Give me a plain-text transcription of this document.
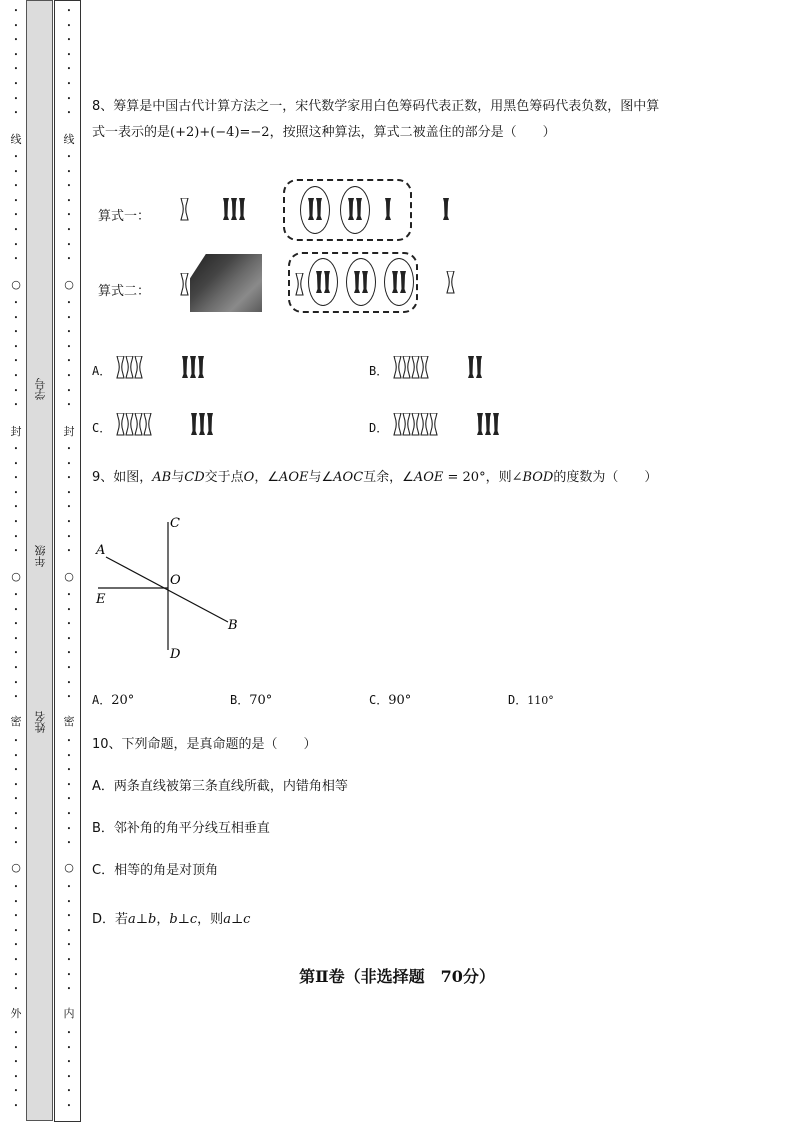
•
•
•
•
•
•
•
•
•
•
•
•
•
•
•
•
•
•
•
•
•
•
•
•
•
•
•
•
•
•
•
•
•
•
•
•
•
•
•
•
•
•
•
•
•
•
•
•
•
•
•
•
•
•
•
•
•
•
•
•
•
•
线
○
封
○
密
○
外
•
•
•
•
•
•
•
•
•
•
•
•
•
•
•
•
•
•
•
•
•
•
•
•
•
•
•
•
•
•
•
•
•
•
•
•
•
•
•
•
•
•
•
•
•
•
•
•
•
•
•
•
•
•
•
•
•
•
•
•
•
•
线
○
封
○
密
○
内
学号
年级
姓名

8、筹算是中国古代计算方法之一，宋代数学家用白色筹码代表正数，用黑色筹码代表负数，图中算

式一表示的是(+2)+(−4)=−2，按照这种算法，算式二被盖住的部分是（　　）

算式一：
算式二：
A．	B．
C．	D．
9、如图，AB与CD交于点O，∠AOE与∠AOC互余，∠AOE = 20°，则∠BOD的度数为（　　）
C
A
O
E
B
D
A．20°	B．70°	C．90°	D．110°
10、下列命题，是真命题的是（　　）
A．两条直线被第三条直线所截，内错角相等
B．邻补角的角平分线互相垂直
C．相等的角是对顶角
D．若a⊥b，b⊥c，则a⊥c
第Ⅱ卷（非选择题　70分）
